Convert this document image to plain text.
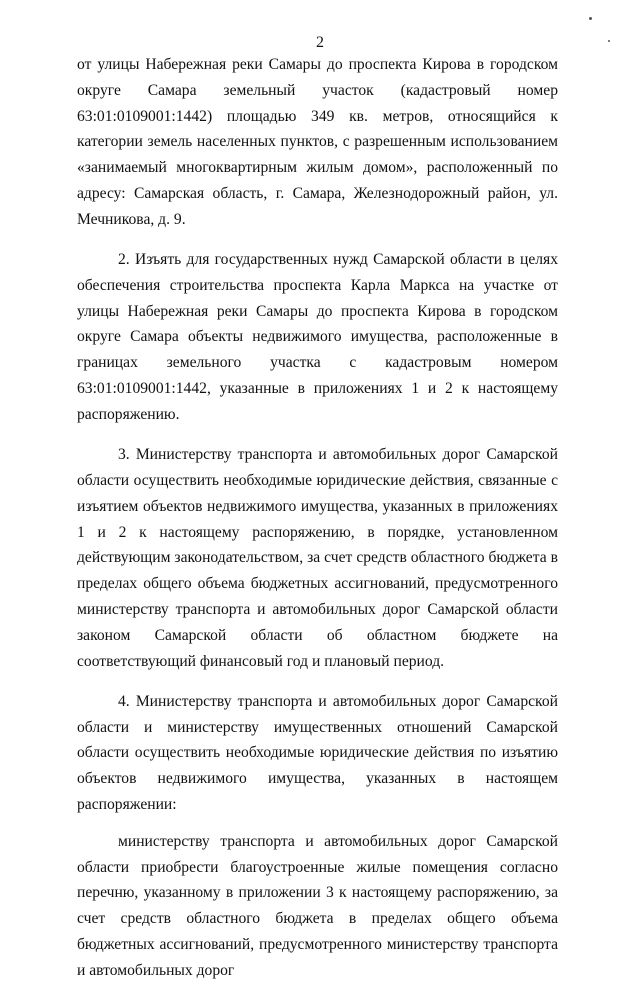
2

от улицы Набережная реки Самары до проспекта Кирова в городском округе Самара земельный участок (кадастровый номер 63:01:0109001:1442) площадью 349 кв. метров, относящийся к категории земель населенных пунктов, с разрешенным использованием «занимаемый многоквартирным жилым домом», расположенный по адресу: Самарская область, г. Самара, Железнодорожный район, ул. Мечникова, д. 9.

2. Изъять для государственных нужд Самарской области в целях обеспечения строительства проспекта Карла Маркса на участке от улицы Набережная реки Самары до проспекта Кирова в городском округе Самара объекты недвижимого имущества, расположенные в границах земельного участка с кадастровым номером 63:01:0109001:1442, указанные в приложениях 1 и 2 к настоящему распоряжению.

3. Министерству транспорта и автомобильных дорог Самарской области осуществить необходимые юридические действия, связанные с изъятием объектов недвижимого имущества, указанных в приложениях 1 и 2 к настоящему распоряжению, в порядке, установленном действующим законодательством, за счет средств областного бюджета в пределах общего объема бюджетных ассигнований, предусмотренного министерству транспорта и автомобильных дорог Самарской области законом Самарской области об областном бюджете на соответствующий финансовый год и плановый период.

4. Министерству транспорта и автомобильных дорог Самарской области и министерству имущественных отношений Самарской области осуществить необходимые юридические действия по изъятию объектов недвижимого имущества, указанных в настоящем распоряжении:

министерству транспорта и автомобильных дорог Самарской области приобрести благоустроенные жилые помещения согласно перечню, указанному в приложении 3 к настоящему распоряжению, за счет средств областного бюджета в пределах общего объема бюджетных ассигнований, предусмотренного министерству транспорта и автомобильных дорог
